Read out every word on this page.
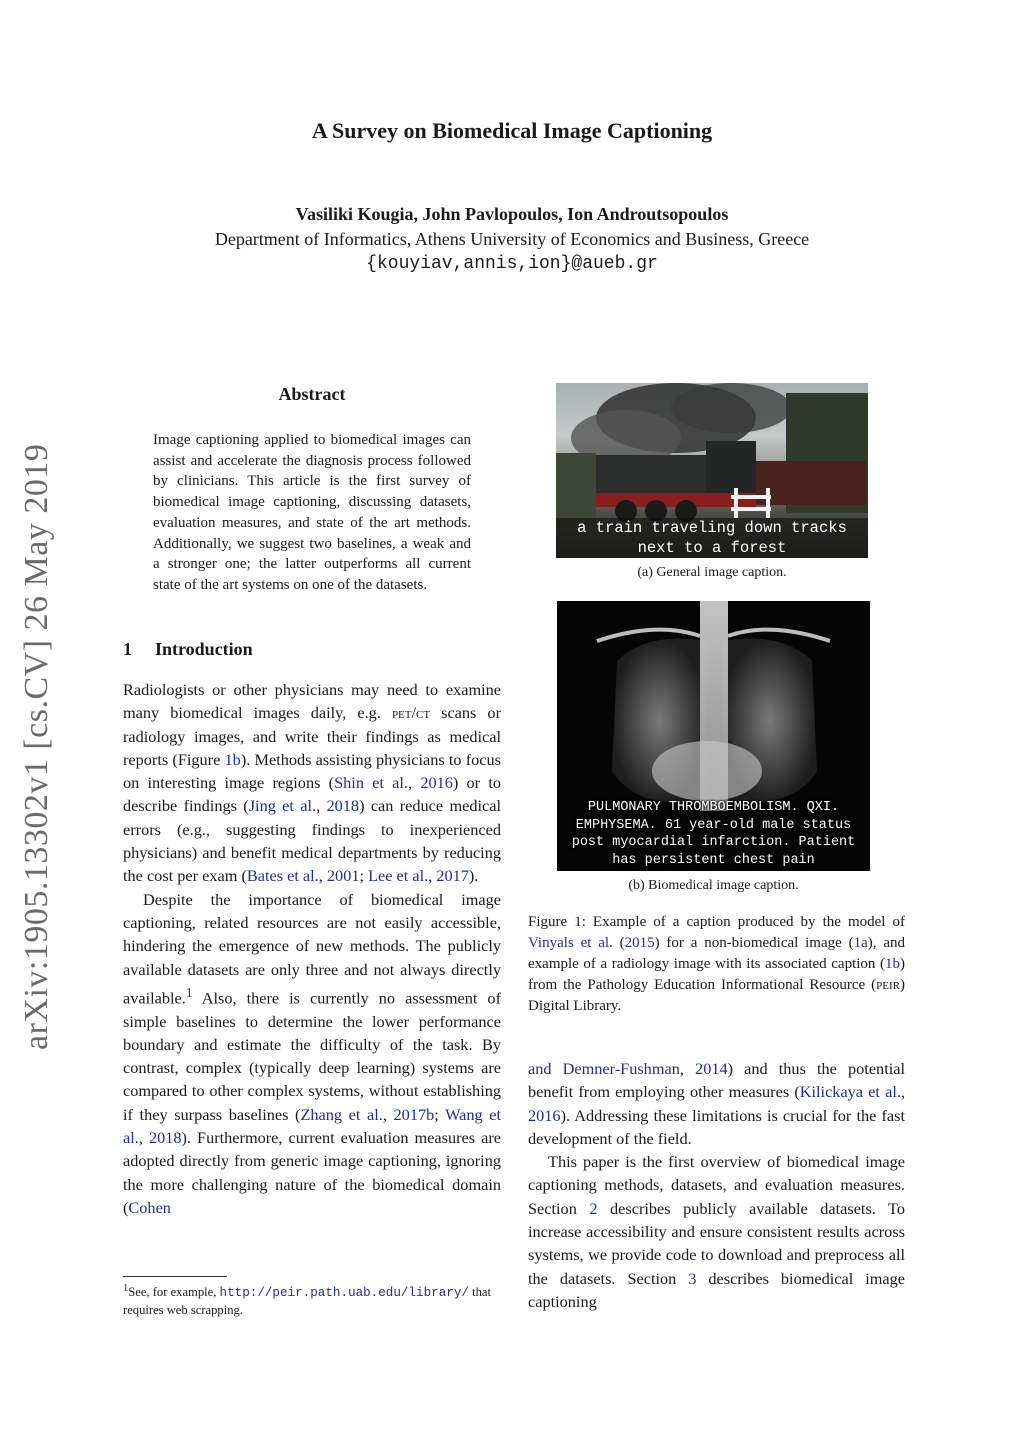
arXiv:1905.13302v1 [cs.CV] 26 May 2019
A Survey on Biomedical Image Captioning
Vasiliki Kougia, John Pavlopoulos, Ion Androutsopoulos
Department of Informatics, Athens University of Economics and Business, Greece
{kouyiav,annis,ion}@aueb.gr
Abstract
Image captioning applied to biomedical images can assist and accelerate the diagnosis process followed by clinicians. This article is the first survey of biomedical image captioning, discussing datasets, evaluation measures, and state of the art methods. Additionally, we suggest two baselines, a weak and a stronger one; the latter outperforms all current state of the art systems on one of the datasets.
1 Introduction

Radiologists or other physicians may need to examine many biomedical images daily, e.g. pet/ct scans or radiology images, and write their findings as medical reports (Figure 1b). Methods assisting physicians to focus on interesting image regions (Shin et al., 2016) or to describe findings (Jing et al., 2018) can reduce medical errors (e.g., suggesting findings to inexperienced physicians) and benefit medical departments by reducing the cost per exam (Bates et al., 2001; Lee et al., 2017).

Despite the importance of biomedical image captioning, related resources are not easily accessible, hindering the emergence of new methods. The publicly available datasets are only three and not always directly available.$^1$ Also, there is currently no assessment of simple baselines to determine the lower performance boundary and estimate the difficulty of the task. By contrast, complex (typically deep learning) systems are compared to other complex systems, without establishing if they surpass baselines (Zhang et al., 2017b; Wang et al., 2018). Furthermore, current evaluation measures are adopted directly from generic image captioning, ignoring the more challenging nature of the biomedical domain (Cohen

$^1$See, for example, http://peir.path.uab.edu/library/ that requires web scrapping.
a train traveling down tracks
next to a forest
(a) General image caption.
PULMONARY THROMBOEMBOLISM. QXI.
EMPHYSEMA. 61 year-old male status
post myocardial infarction. Patient
has persistent chest pain
(b) Biomedical image caption.
Figure 1: Example of a caption produced by the model of Vinyals et al. (2015) for a non-biomedical image (1a), and example of a radiology image with its associated caption (1b) from the Pathology Education Informational Resource (peir) Digital Library.

and Demner-Fushman, 2014) and thus the potential benefit from employing other measures (Kilickaya et al., 2016). Addressing these limitations is crucial for the fast development of the field.

This paper is the first overview of biomedical image captioning methods, datasets, and evaluation measures. Section 2 describes publicly available datasets. To increase accessibility and ensure consistent results across systems, we provide code to download and preprocess all the datasets. Section 3 describes biomedical image captioning
